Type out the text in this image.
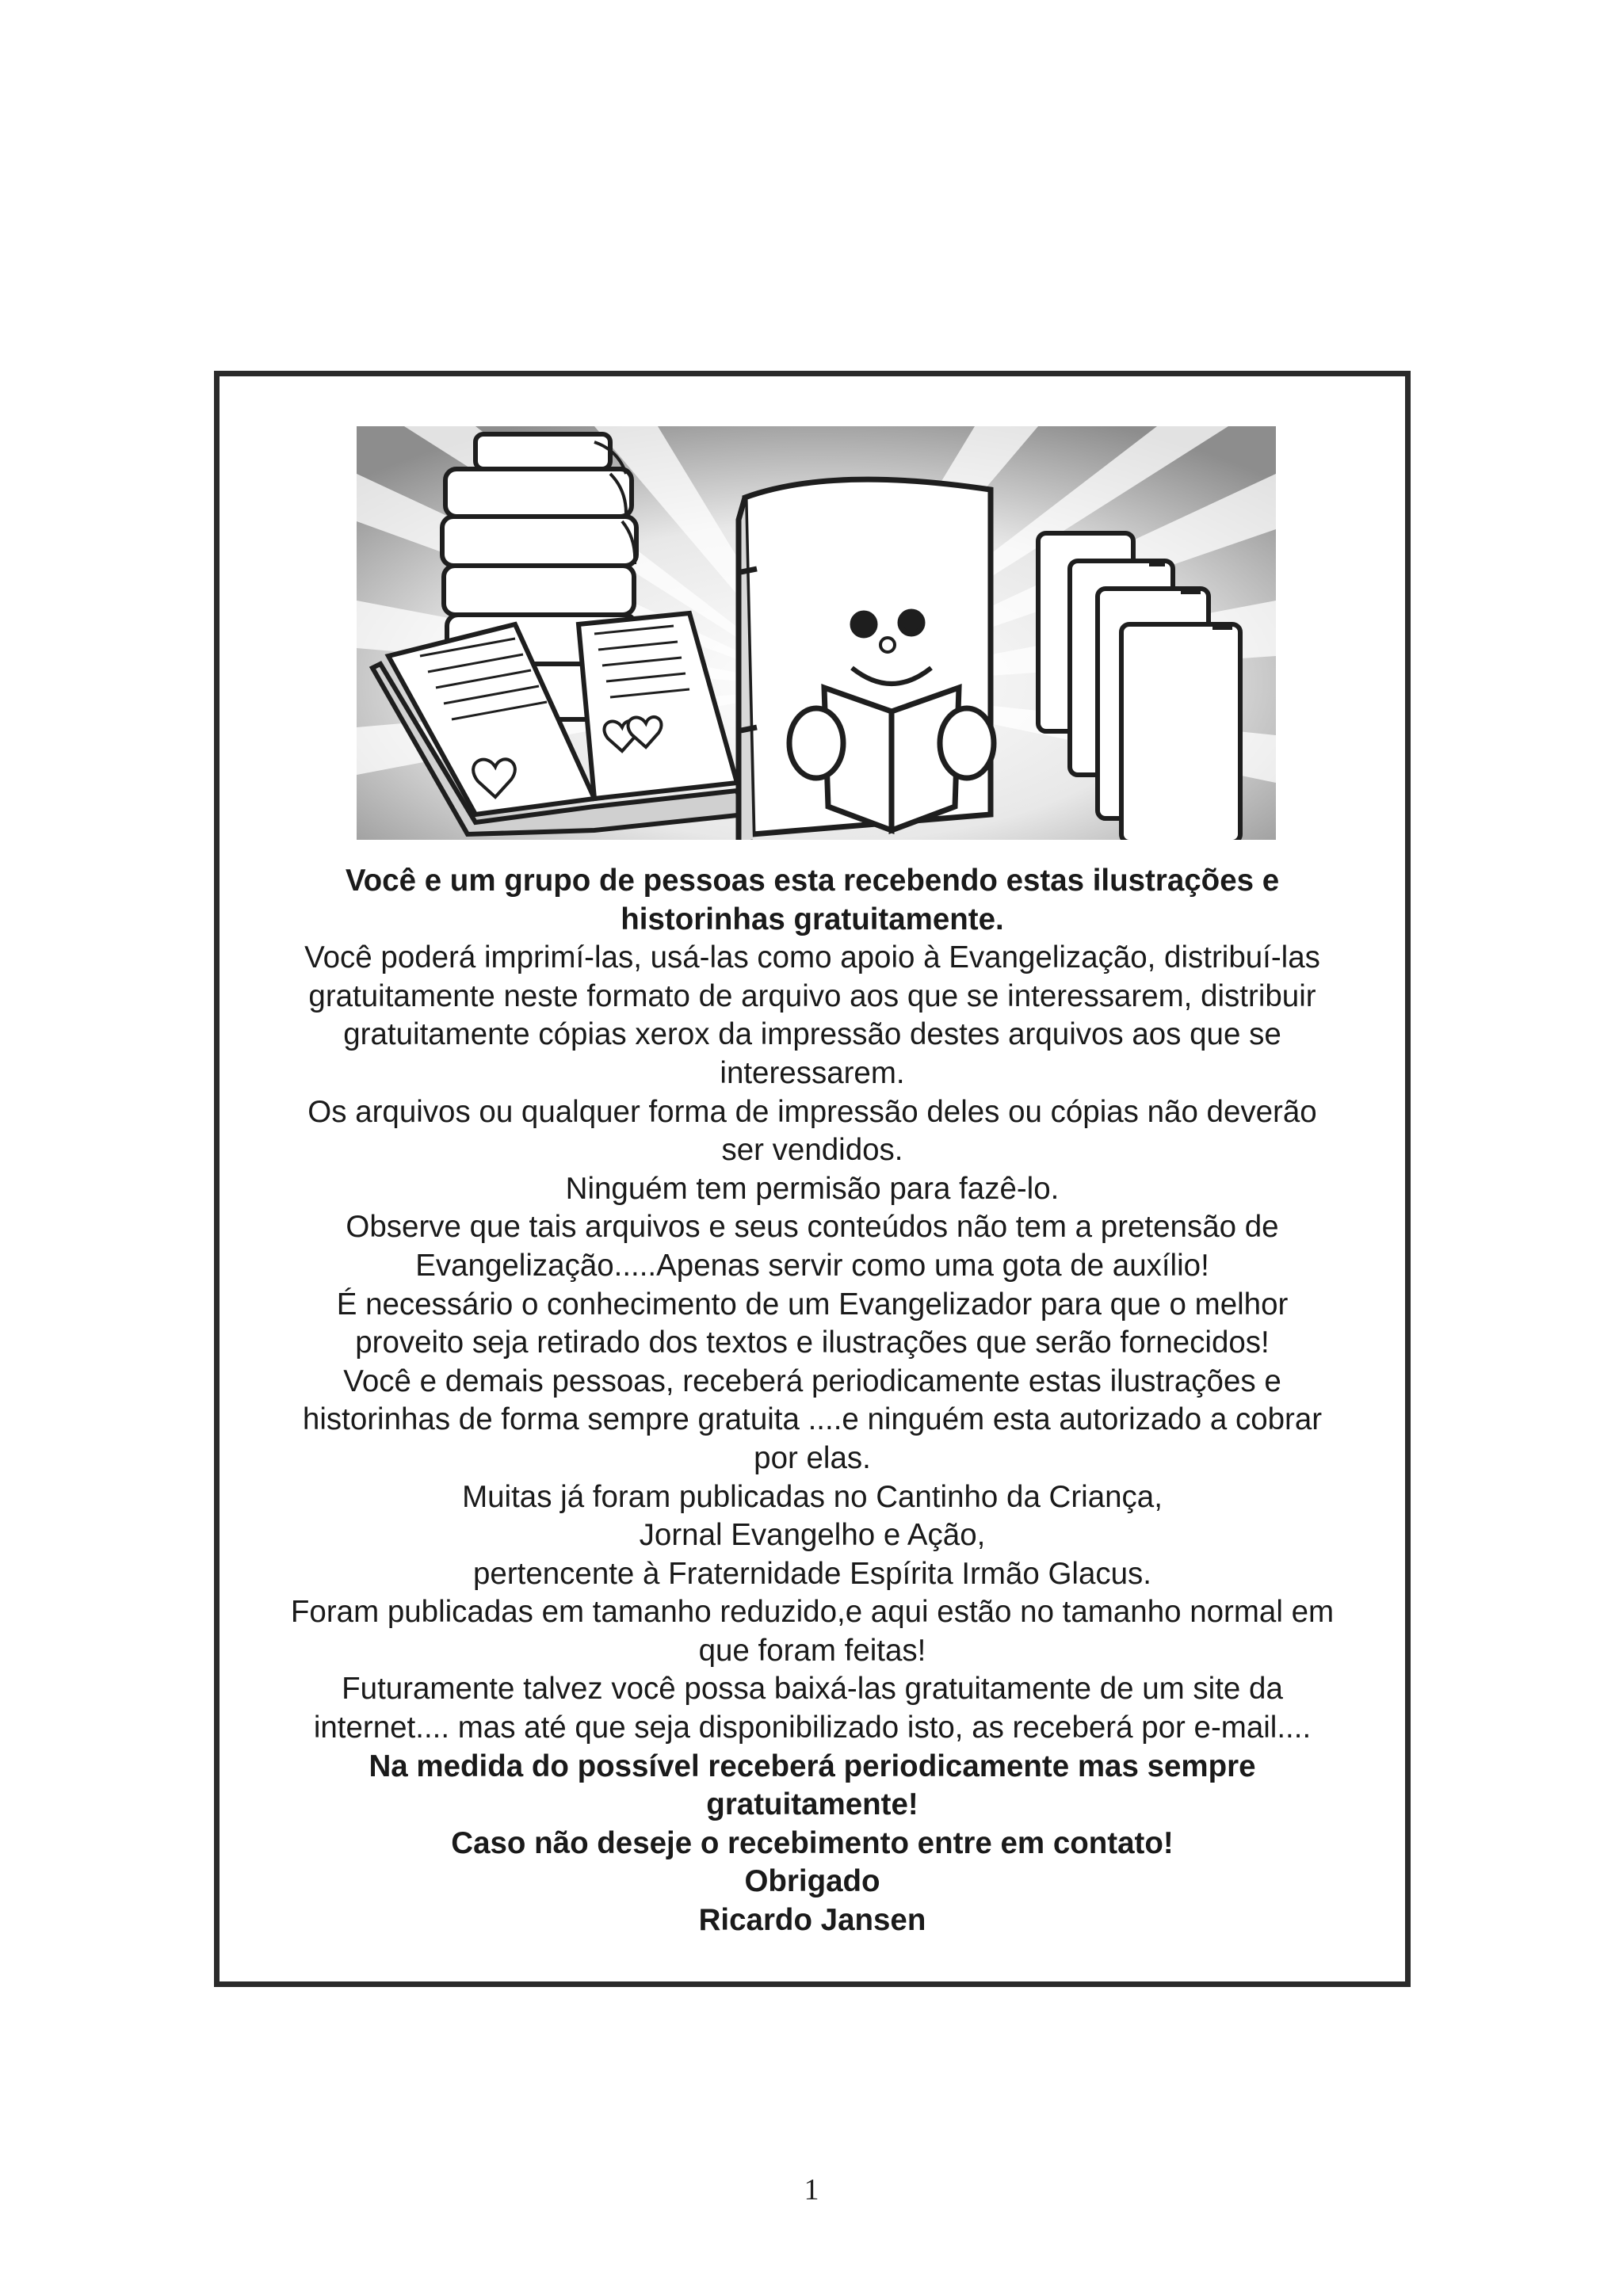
Você e um grupo de pessoas esta recebendo estas ilustrações e
historinhas gratuitamente.
Você poderá imprimí-las, usá-las como apoio à Evangelização, distribuí-las
gratuitamente neste formato de arquivo aos que se interessarem, distribuir
gratuitamente cópias xerox da impressão destes arquivos aos que se
interessarem.
Os arquivos ou qualquer forma de impressão deles ou cópias não deverão
ser vendidos.
Ninguém tem permisão para fazê-lo.
Observe que tais arquivos e seus conteúdos não tem a pretensão de
Evangelização.....Apenas servir como uma gota de auxílio!
É necessário o conhecimento de um Evangelizador para que o melhor
proveito seja retirado dos textos e ilustrações que serão fornecidos!
Você e demais pessoas, receberá periodicamente estas ilustrações e
historinhas de forma sempre gratuita ....e ninguém esta autorizado a cobrar
por elas.
Muitas já foram publicadas no Cantinho da Criança,
Jornal Evangelho e Ação,
pertencente à Fraternidade Espírita Irmão Glacus.
Foram publicadas em tamanho reduzido,e aqui estão no tamanho normal em
que foram feitas!
Futuramente talvez você possa baixá-las gratuitamente de um site da
internet.... mas até que seja disponibilizado isto, as receberá por e-mail....
Na medida do possível receberá periodicamente mas sempre
gratuitamente!
Caso não deseje o recebimento entre em contato!
Obrigado
Ricardo Jansen
1
